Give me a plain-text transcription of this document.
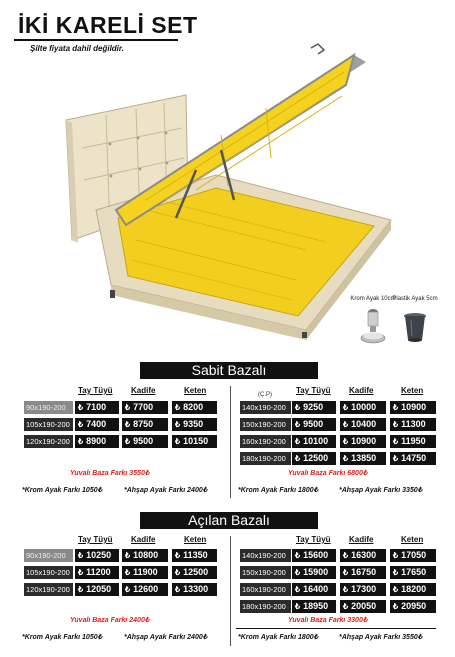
İKİ KARELİ SET
Şilte fiyata dahil değildir.
Krom Ayak 10cm
Plastik Ayak 5cm
Sabit Bazalı
Tay Tüyü Kadife	Keten
90x190-200	₺ 7100	₺ 7700	₺ 8200
105x190-200	₺ 7400	₺ 8750	₺ 9350
120x190-200	₺ 8900	₺ 9500	₺ 10150
Yuvalı Baza Farkı 3550₺
*Krom Ayak Farkı 1050₺	*Ahşap Ayak Farkı 2400₺
(Ç.P)	Tay Tüyü Kadife	Keten
140x190-200	₺ 9250	₺ 10000	₺ 10900
150x190-200	₺ 9500	₺ 10400	₺ 11300
160x190-200	₺ 10100	₺ 10900	₺ 11950
180x190-200	₺ 12500	₺ 13850	₺ 14750
Yuvalı Baza Farkı 6800₺
*Krom Ayak Farkı 1800₺	*Ahşap Ayak Farkı 3350₺
Açılan Bazalı
Tay Tüyü Kadife	Keten
90x190-200	₺ 10250	₺ 10800	₺ 11350
105x190-200	₺ 11200	₺ 11900	₺ 12500
120x190-200	₺ 12050	₺ 12600	₺ 13300
Yuvalı Baza Farkı 2400₺
*Krom Ayak Farkı 1050₺	*Ahşap Ayak Farkı 2400₺
Tay Tüyü Kadife	Keten
140x190-200	₺ 15600	₺ 16300	₺ 17050
150x190-200	₺ 15900	₺ 16750	₺ 17650
160x190-200	₺ 16400	₺ 17300	₺ 18200
180x190-200	₺ 18950	₺ 20050	₺ 20950
Yuvalı Baza Farkı 3300₺
*Krom Ayak Farkı 1800₺	*Ahşap Ayak Farkı 3550₺
